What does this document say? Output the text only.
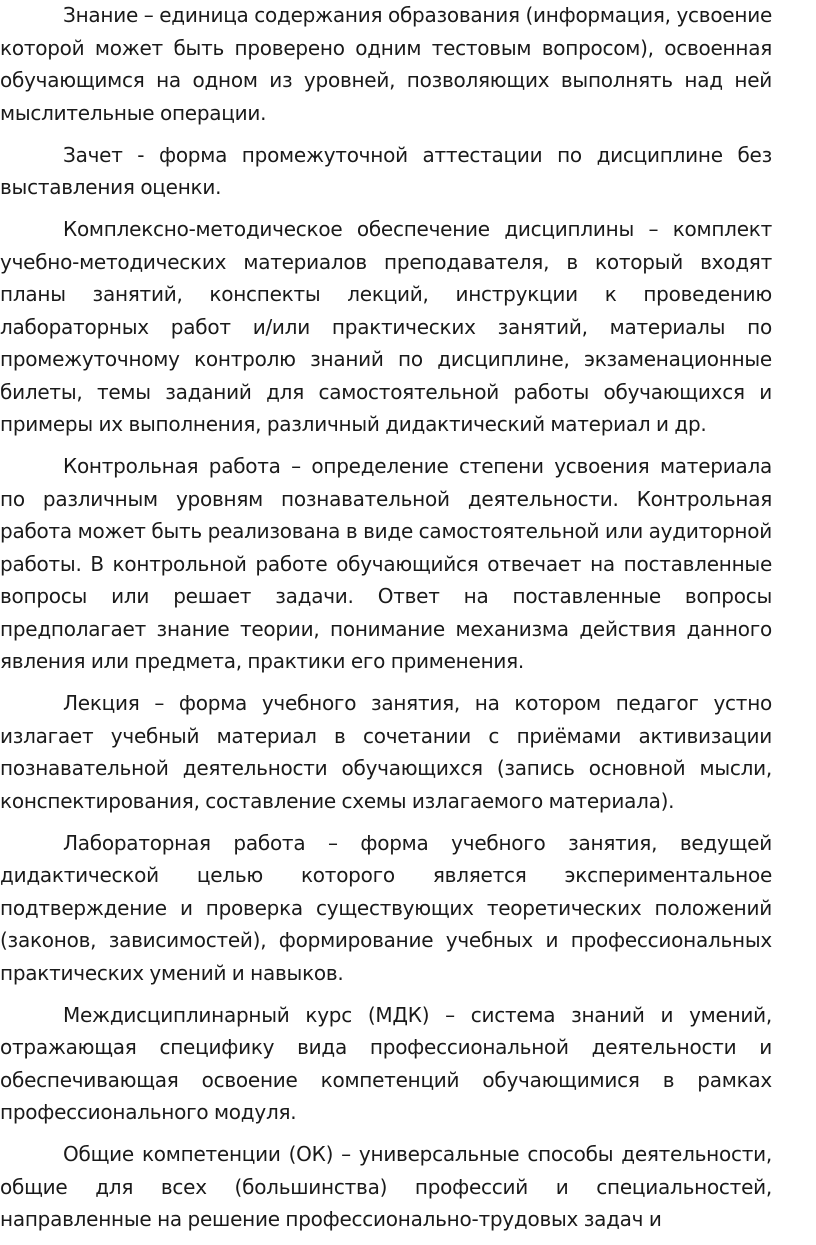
Знание – единица содержания образования (информация, усвоение которой может быть проверено одним тестовым вопросом), освоенная обучающимся на одном из уровней, позволяющих выполнять над ней мыслительные операции.

Зачет - форма промежуточной аттестации по дисциплине без выставления оценки.

Комплексно-методическое обеспечение дисциплины – комплект учебно-методических материалов преподавателя, в который входят планы занятий, конспекты лекций, инструкции к проведению лабораторных работ и/или практических занятий, материалы по промежуточному контролю знаний по дисциплине, экзаменационные билеты, темы заданий для самостоятельной работы обучающихся и примеры их выполнения, различный дидактический материал и др.

Контрольная работа – определение степени усвоения материала по различным уровням познавательной деятельности. Контрольная работа может быть реализована в виде самостоятельной или аудиторной работы. В контрольной работе обучающийся отвечает на поставленные вопросы или решает задачи. Ответ на поставленные вопросы предполагает знание теории, понимание механизма действия данного явления или предмета, практики его применения.

Лекция – форма учебного занятия, на котором педагог устно излагает учебный материал в сочетании с приёмами активизации познавательной деятельности обучающихся (запись основной мысли, конспектирования, составление схемы излагаемого материала).

Лабораторная работа – форма учебного занятия, ведущей дидактической целью которого является экспериментальное подтверждение и проверка существующих теоретических положений (законов, зависимостей), формирование учебных и профессиональных практических умений и навыков.

Междисциплинарный курс (МДК) – система знаний и умений, отражающая специфику вида профессиональной деятельности и обеспечивающая освоение компетенций обучающимися в рамках профессионального модуля.

Общие компетенции (ОК) – универсальные способы деятельности, общие для всех (большинства) профессий и специальностей, направленные на решение профессионально-трудовых задач и
